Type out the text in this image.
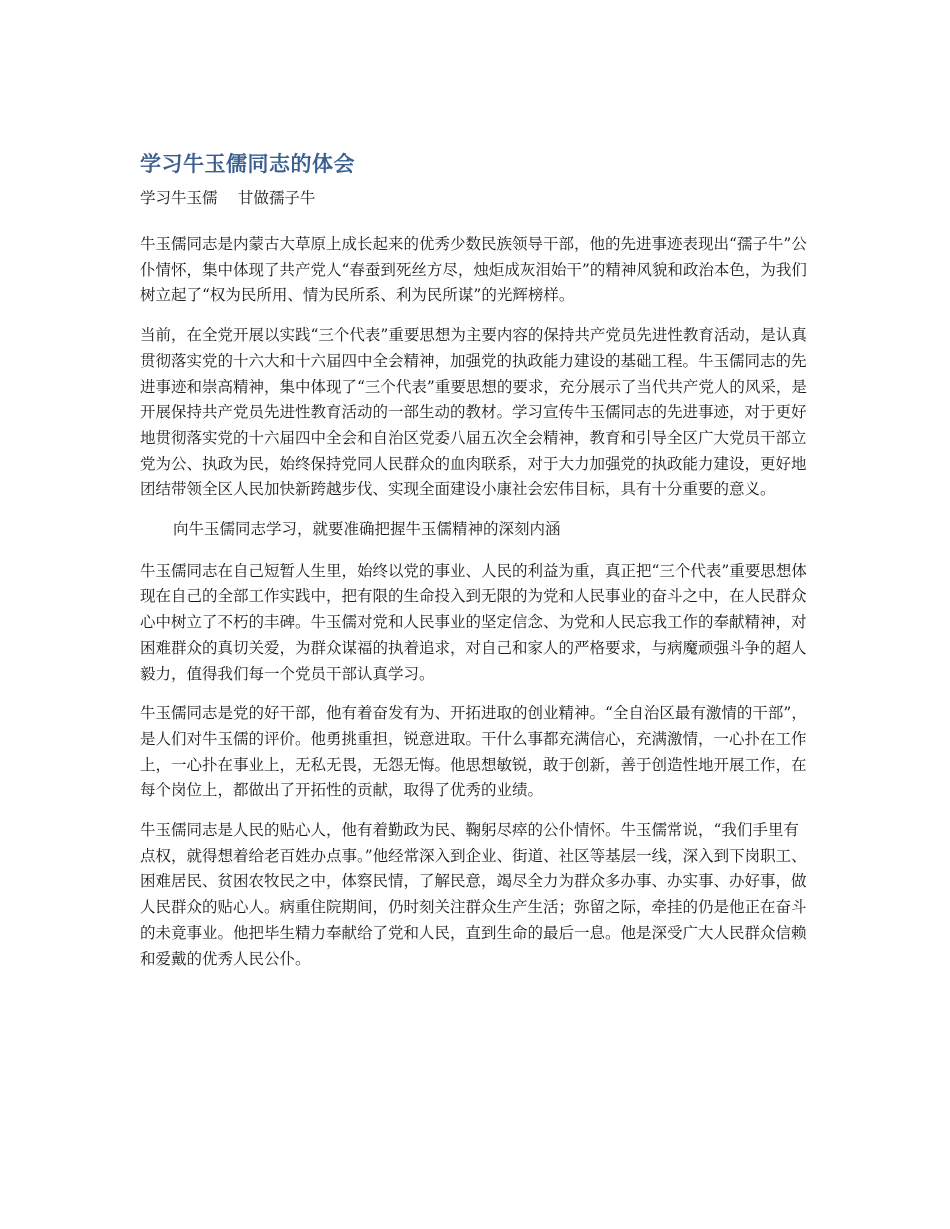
学习牛玉儒同志的体会
学习牛玉儒　 甘做孺子牛

牛玉儒同志是内蒙古大草原上成长起来的优秀少数民族领导干部，他的先进事迹表现出“孺子牛”公仆情怀，集中体现了共产党人“春蚕到死丝方尽，烛炬成灰泪始干”的精神风貌和政治本色，为我们树立起了“权为民所用、情为民所系、利为民所谋”的光辉榜样。

当前，在全党开展以实践“三个代表”重要思想为主要内容的保持共产党员先进性教育活动，是认真贯彻落实党的十六大和十六届四中全会精神，加强党的执政能力建设的基础工程。牛玉儒同志的先进事迹和崇高精神，集中体现了“三个代表”重要思想的要求，充分展示了当代共产党人的风采，是开展保持共产党员先进性教育活动的一部生动的教材。学习宣传牛玉儒同志的先进事迹，对于更好地贯彻落实党的十六届四中全会和自治区党委八届五次全会精神，教育和引导全区广大党员干部立党为公、执政为民，始终保持党同人民群众的血肉联系，对于大力加强党的执政能力建设，更好地团结带领全区人民加快新跨越步伐、实现全面建设小康社会宏伟目标，具有十分重要的意义。

向牛玉儒同志学习，就要准确把握牛玉儒精神的深刻内涵

牛玉儒同志在自己短暂人生里，始终以党的事业、人民的利益为重，真正把“三个代表”重要思想体现在自己的全部工作实践中，把有限的生命投入到无限的为党和人民事业的奋斗之中，在人民群众心中树立了不朽的丰碑。牛玉儒对党和人民事业的坚定信念、为党和人民忘我工作的奉献精神，对困难群众的真切关爱，为群众谋福的执着追求，对自己和家人的严格要求，与病魔顽强斗争的超人毅力，值得我们每一个党员干部认真学习。

牛玉儒同志是党的好干部，他有着奋发有为、开拓进取的创业精神。“全自治区最有激情的干部”，是人们对牛玉儒的评价。他勇挑重担，锐意进取。干什么事都充满信心，充满激情，一心扑在工作上，一心扑在事业上，无私无畏，无怨无悔。他思想敏锐，敢于创新，善于创造性地开展工作，在每个岗位上，都做出了开拓性的贡献，取得了优秀的业绩。

牛玉儒同志是人民的贴心人，他有着勤政为民、鞠躬尽瘁的公仆情怀。牛玉儒常说，“我们手里有点权，就得想着给老百姓办点事。”他经常深入到企业、街道、社区等基层一线，深入到下岗职工、困难居民、贫困农牧民之中，体察民情，了解民意，竭尽全力为群众多办事、办实事、办好事，做人民群众的贴心人。病重住院期间，仍时刻关注群众生产生活；弥留之际，牵挂的仍是他正在奋斗的未竟事业。他把毕生精力奉献给了党和人民，直到生命的最后一息。他是深受广大人民群众信赖和爱戴的优秀人民公仆。
